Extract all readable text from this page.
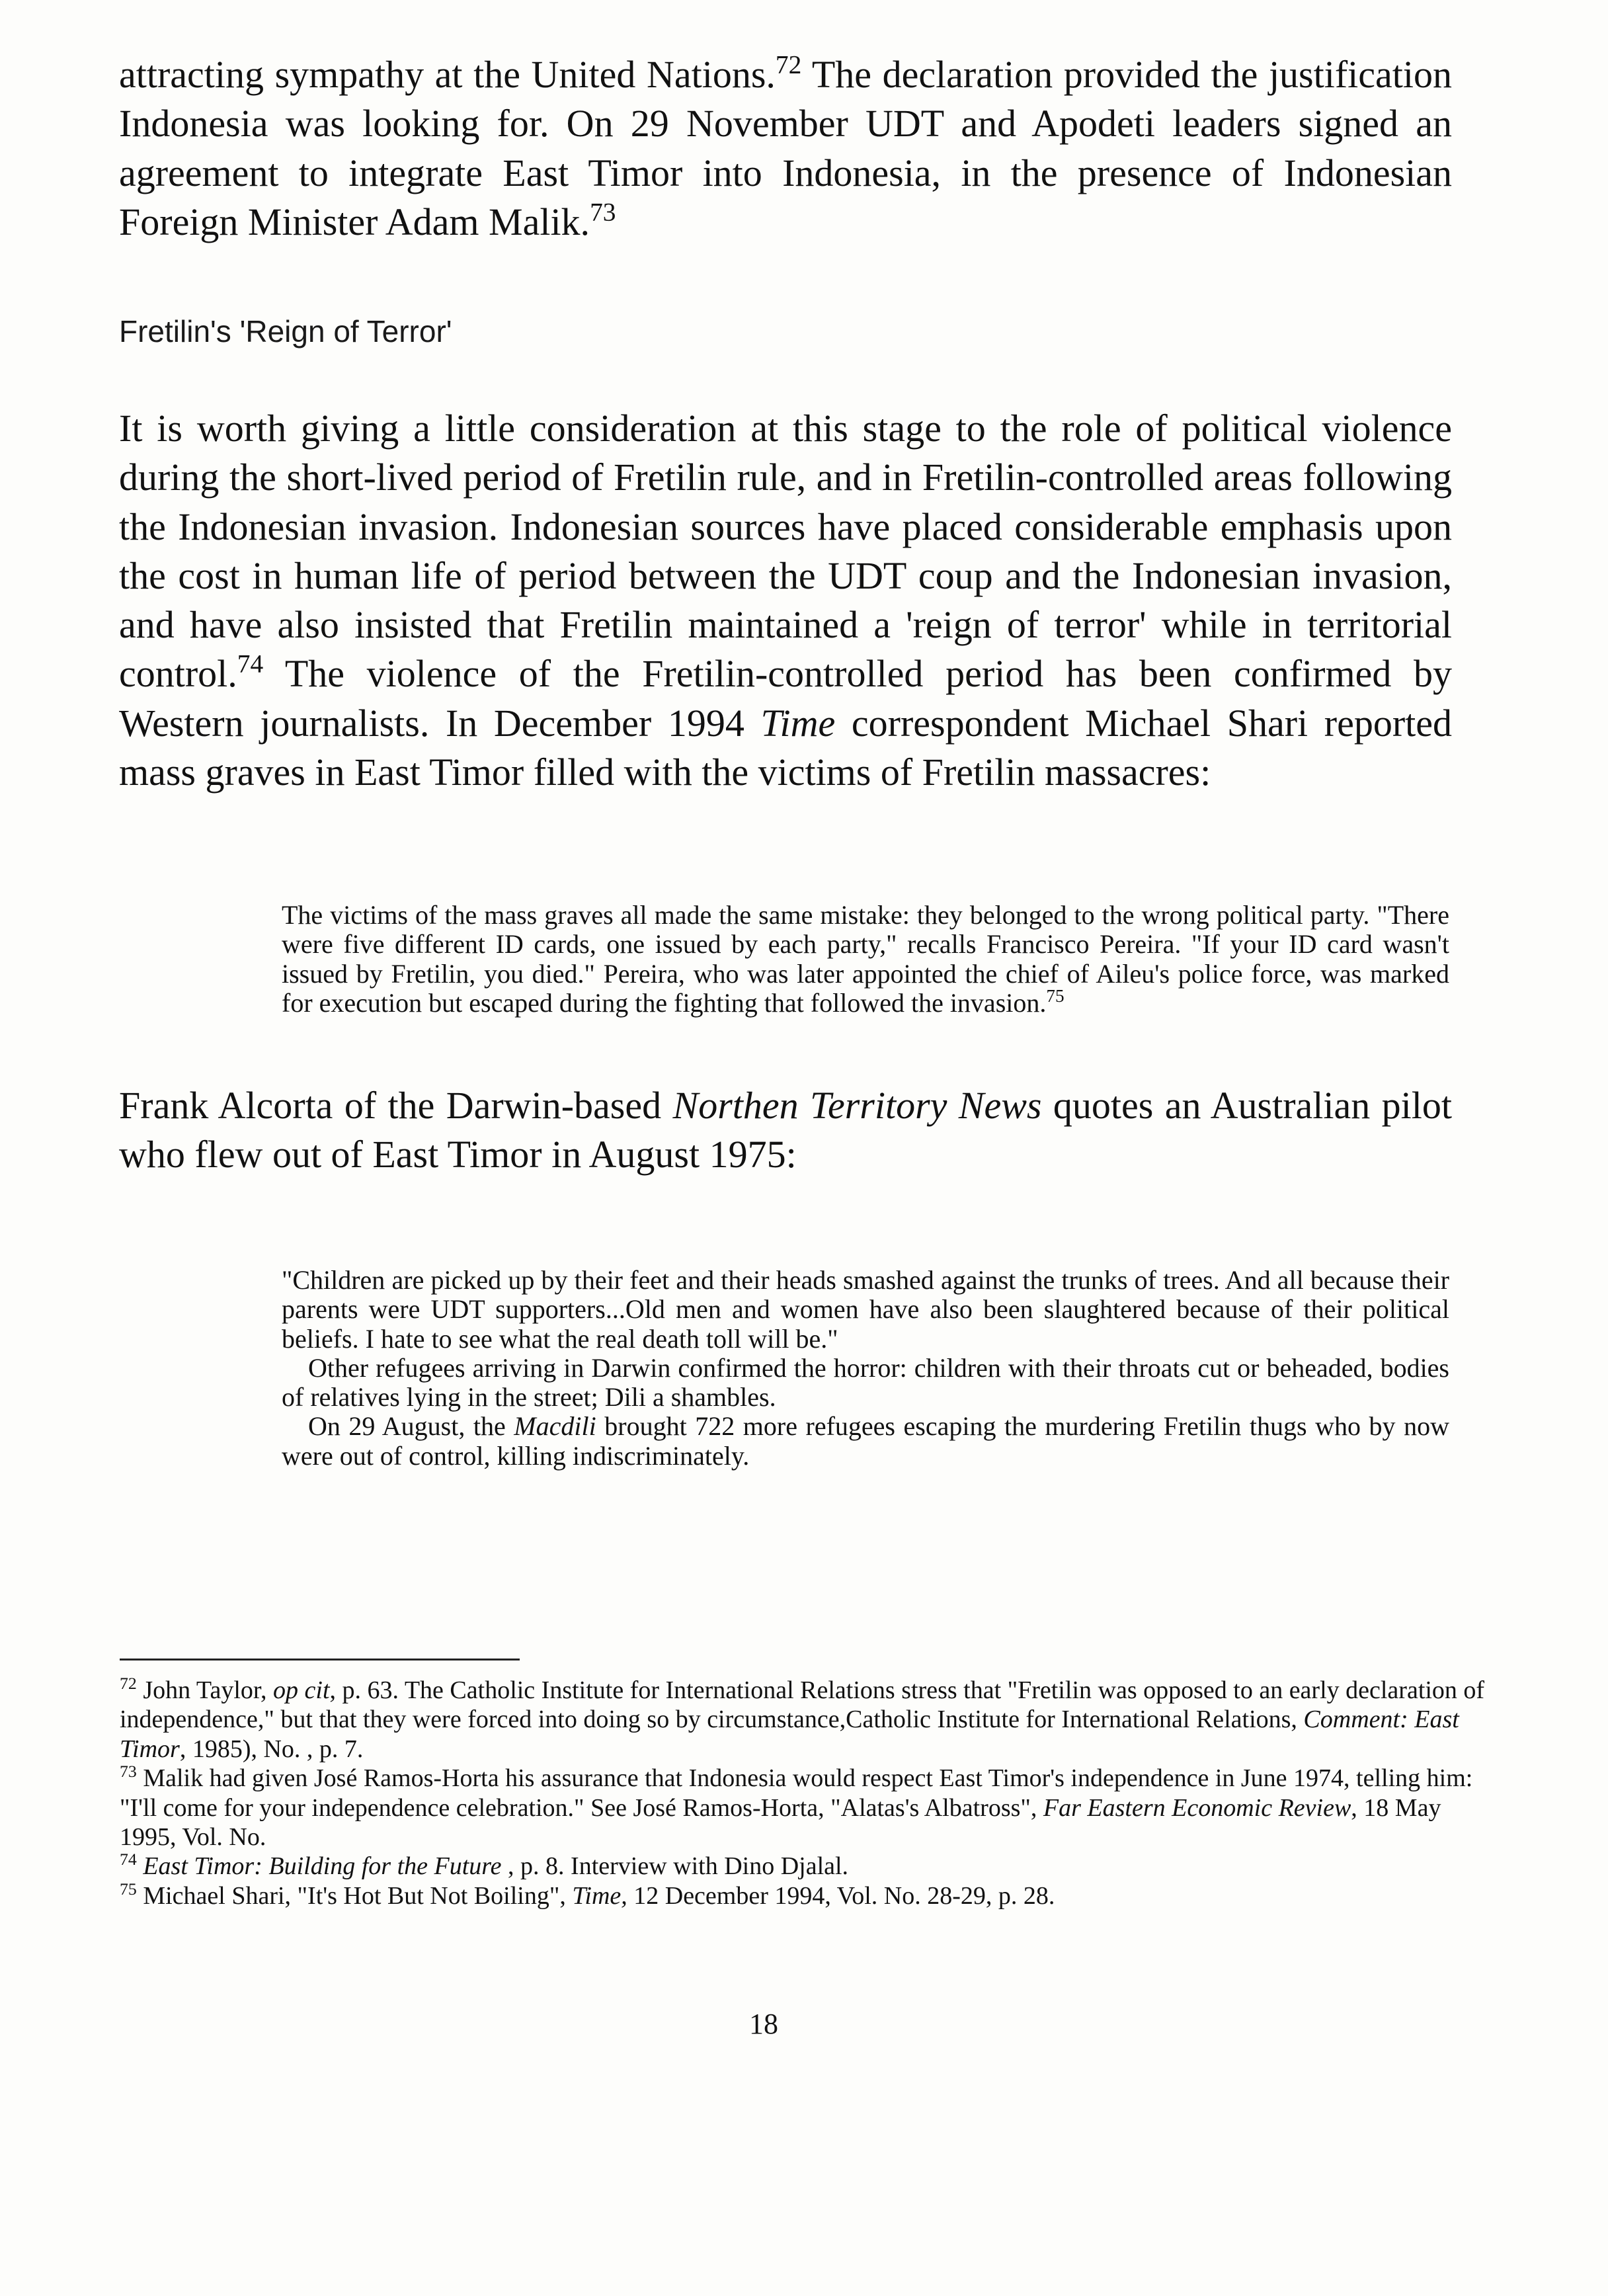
attracting sympathy at the United Nations.$^{72}$ The declaration provided the justification Indonesia was looking for. On 29 November UDT and Apodeti leaders signed an agreement to integrate East Timor into Indonesia, in the presence of Indonesian Foreign Minister Adam Malik.$^{73}$

Fretilin's 'Reign of Terror'

It is worth giving a little consideration at this stage to the role of political violence during the short-lived period of Fretilin rule, and in Fretilin-controlled areas following the Indonesian invasion. Indonesian sources have placed considerable emphasis upon the cost in human life of period between the UDT coup and the Indonesian invasion, and have also insisted that Fretilin maintained a 'reign of terror' while in territorial control.$^{74}$ The violence of the Fretilin-controlled period has been confirmed by Western journalists. In December 1994 Time correspondent Michael Shari reported mass graves in East Timor filled with the victims of Fretilin massacres:

The victims of the mass graves all made the same mistake: they belonged to the wrong political party. "There were five different ID cards, one issued by each party," recalls Francisco Pereira. "If your ID card wasn't issued by Fretilin, you died." Pereira, who was later appointed the chief of Aileu's police force, was marked for execution but escaped during the fighting that followed the invasion.$^{75}$

Frank Alcorta of the Darwin-based Northen Territory News quotes an Australian pilot who flew out of East Timor in August 1975:

"Children are picked up by their feet and their heads smashed against the trunks of trees. And all because their parents were UDT supporters...Old men and women have also been slaughtered because of their political beliefs. I hate to see what the real death toll will be."

Other refugees arriving in Darwin confirmed the horror: children with their throats cut or beheaded, bodies of relatives lying in the street; Dili a shambles.

On 29 August, the Macdili brought 722 more refugees escaping the murdering Fretilin thugs who by now were out of control, killing indiscriminately.

$^{72}$ John Taylor, op cit, p. 63. The Catholic Institute for International Relations stress that "Fretilin was opposed to an early declaration of independence," but that they were forced into doing so by circumstance,Catholic Institute for International Relations, Comment: East Timor, 1985), No. , p. 7.

$^{73}$ Malik had given José Ramos-Horta his assurance that Indonesia would respect East Timor's independence in June 1974, telling him: "I'll come for your independence celebration." See José Ramos-Horta, "Alatas's Albatross", Far Eastern Economic Review, 18 May 1995, Vol. No.

$^{74}$ East Timor: Building for the Future , p. 8. Interview with Dino Djalal.

$^{75}$ Michael Shari, "It's Hot But Not Boiling", Time, 12 December 1994, Vol. No. 28-29, p. 28.

18
